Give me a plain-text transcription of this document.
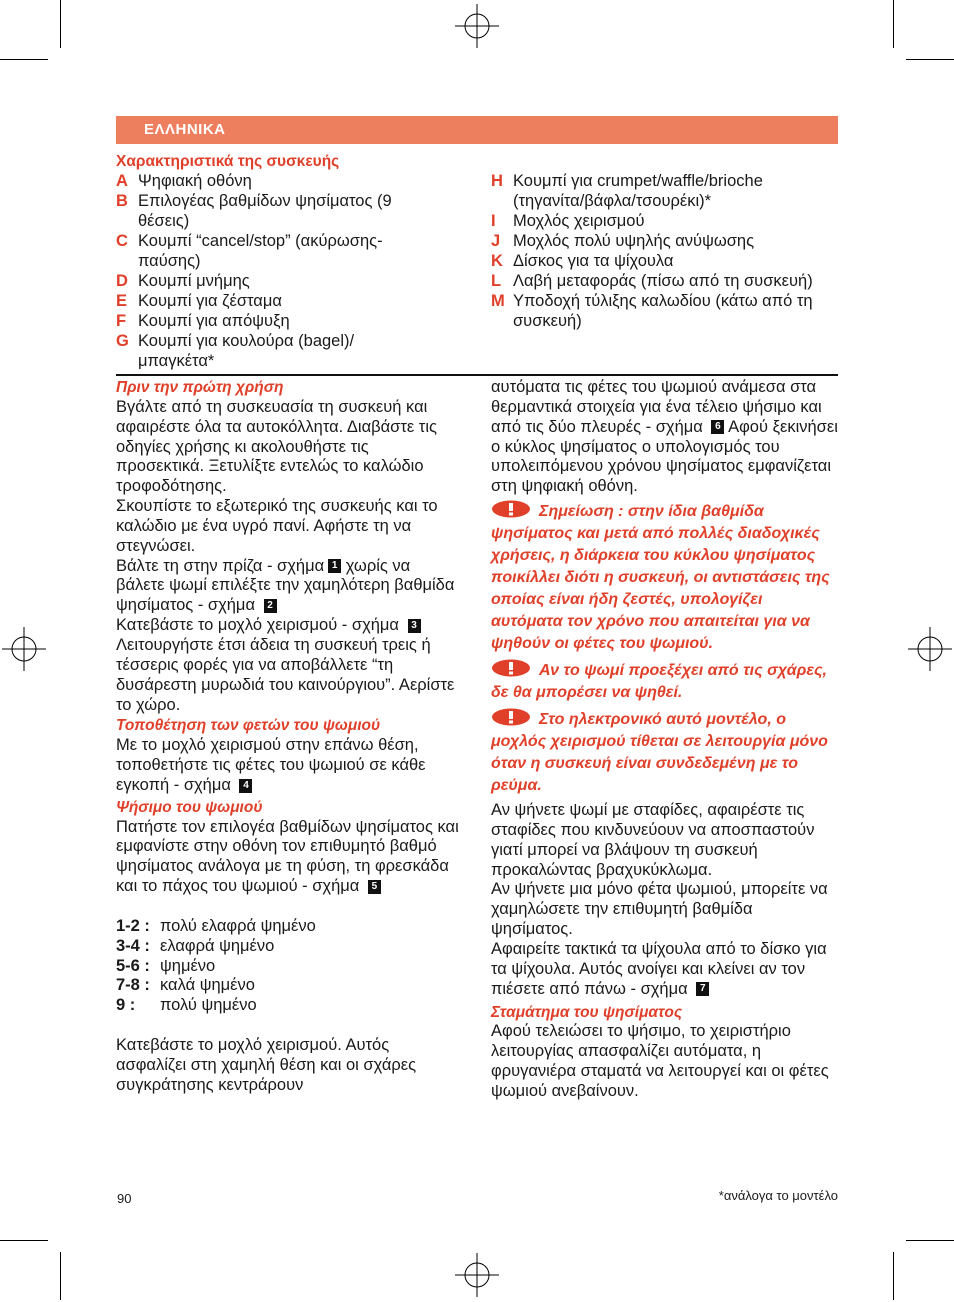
ΕΛΛΗΝΙΚΑ
Χαρακτηριστικά της συσκευής
A Ψηφιακή οθόνη
B Επιλογέας βαθμίδων ψησίματος (9 θέσεις)
C Κουμπί “cancel/stop” (ακύρωσης-παύσης)
D Κουμπί μνήμης
E Κουμπί για ζέσταμα
F Κουμπί για απόψυξη
G Κουμπί για κουλούρα (bagel)/μπαγκέτα*
H Κουμπί για crumpet/waffle/brioche (τηγανίτα/βάφλα/τσουρέκι)*
I	Μοχλός χειρισμού
J Μοχλός πολύ υψηλής ανύψωσης
K Δίσκος για τα ψίχουλα
L Λαβή μεταφοράς (πίσω από τη συσκευή)
M Υποδοχή τύλιξης καλωδίου (κάτω από τη συσκευή)
Πριν την πρώτη χρήση

Βγάλτε από τη συσκευασία τη συσκευή και αφαιρέστε όλα τα αυτοκόλλητα. Διαβάστε τις οδηγίες χρήσης κι ακολουθήστε τις προσεκτικά. Ξετυλίξτε εντελώς το καλώδιο τροφοδότησης.

Σκουπίστε το εξωτερικό της συσκευής και το καλώδιο με ένα υγρό πανί. Αφήστε τη να στεγνώσει.

Βάλτε τη στην πρίζα - σχήμα 1 χωρίς να βάλετε ψωμί επιλέξτε την χαμηλότερη βαθμίδα ψησίματος - σχήμα 2

Κατεβάστε το μοχλό χειρισμού - σχήμα 3

Λειτουργήστε έτσι άδεια τη συσκευή τρεις ή τέσσερις φορές για να αποβάλλετε “τη δυσάρεστη μυρωδιά του καινούργιου”. Αερίστε το χώρο.

Τοποθέτηση των φετών του ψωμιού

Με το μοχλό χειρισμού στην επάνω θέση, τοποθετήστε τις φέτες του ψωμιού σε κάθε εγκοπή - σχήμα 4

Ψήσιμο του ψωμιού

Πατήστε τον επιλογέα βαθμίδων ψησίματος και εμφανίστε στην οθόνη τον επιθυμητό βαθμό ψησίματος ανάλογα με τη φύση, τη φρεσκάδα και το πάχος του ψωμιού - σχήμα 5

1-2 : πολύ ελαφρά ψημένο
3-4 : ελαφρά ψημένο
5-6 : ψημένο
7-8 : καλά ψημένο
9 :	πολύ ψημένο

Κατεβάστε το μοχλό χειρισμού. Αυτός ασφαλίζει στη χαμηλή θέση και οι σχάρες συγκράτησης κεντράρουν

αυτόματα τις φέτες του ψωμιού ανάμεσα στα θερμαντικά στοιχεία για ένα τέλειο ψήσιμο και από τις δύο πλευρές - σχήμα 6 Αφού ξεκινήσει ο κύκλος ψησίματος ο υπολογισμός του υπολειπόμενου χρόνου ψησίματος εμφανίζεται στη ψηφιακή οθόνη.

Σημείωση : στην ίδια βαθμίδα ψησίματος και μετά από πολλές διαδοχικές χρήσεις, η διάρκεια του κύκλου ψησίματος ποικίλλει διότι η συσκευή, οι αντιστάσεις της οποίας είναι ήδη ζεστές, υπολογίζει αυτόματα τον χρόνο που απαιτείται για να ψηθούν οι φέτες του ψωμιού.
Αν το ψωμί προεξέχει από τις σχάρες, δε θα μπορέσει να ψηθεί.
Στο ηλεκτρονικό αυτό μοντέλο, ο μοχλός χειρισμού τίθεται σε λειτουργία μόνο όταν η συσκευή είναι συνδεδεμένη με το ρεύμα.

Αν ψήνετε ψωμί με σταφίδες, αφαιρέστε τις σταφίδες που κινδυνεύουν να αποσπαστούν γιατί μπορεί να βλάψουν τη συσκευή προκαλώντας βραχυκύκλωμα.

Αν ψήνετε μια μόνο φέτα ψωμιού, μπορείτε να χαμηλώσετε την επιθυμητή βαθμίδα ψησίματος.

Αφαιρείτε τακτικά τα ψίχουλα από το δίσκο για τα ψίχουλα. Αυτός ανοίγει και κλείνει αν τον πιέσετε από πάνω - σχήμα 7

Σταμάτημα του ψησίματος

Αφού τελειώσει το ψήσιμο, το χειριστήριο λειτουργίας απασφαλίζει αυτόματα, η φρυγανιέρα σταματά να λειτουργεί και οι φέτες ψωμιού ανεβαίνουν.

90	*ανάλογα το μοντέλο
